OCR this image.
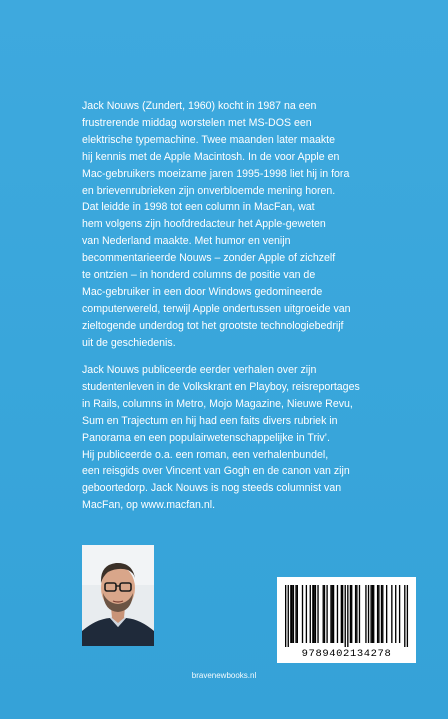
Jack Nouws (Zundert, 1960) kocht in 1987 na een
frustrerende middag worstelen met MS-DOS een
elektrische typemachine. Twee maanden later maakte
hij kennis met de Apple Macintosh. In de voor Apple en
Mac-gebruikers moeizame jaren 1995-1998 liet hij in fora
en brievenrubrieken zijn onverbloemde mening horen.
Dat leidde in 1998 tot een column in MacFan, wat
hem volgens zijn hoofdredacteur het Apple-geweten
van Nederland maakte. Met humor en venijn
becommentarieerde Nouws – zonder Apple of zichzelf
te ontzien – in honderd columns de positie van de
Mac-gebruiker in een door Windows gedomineerde
computerwereld, terwijl Apple ondertussen uitgroeide van
zieltogende underdog tot het grootste technologiebedrijf
uit de geschiedenis.

Jack Nouws publiceerde eerder verhalen over zijn
studentenleven in de Volkskrant en Playboy, reisreportages
in Rails, columns in Metro, Mojo Magazine, Nieuwe Revu,
Sum en Trajectum en hij had een faits divers rubriek in
Panorama en een populairwetenschappelijke in Triv’.
Hij publiceerde o.a. een roman, een verhalenbundel,
een reisgids over Vincent van Gogh en de canon van zijn
geboortedorp. Jack Nouws is nog steeds columnist van
MacFan, op www.macfan.nl.

9789402134278
bravenewbooks.nl
